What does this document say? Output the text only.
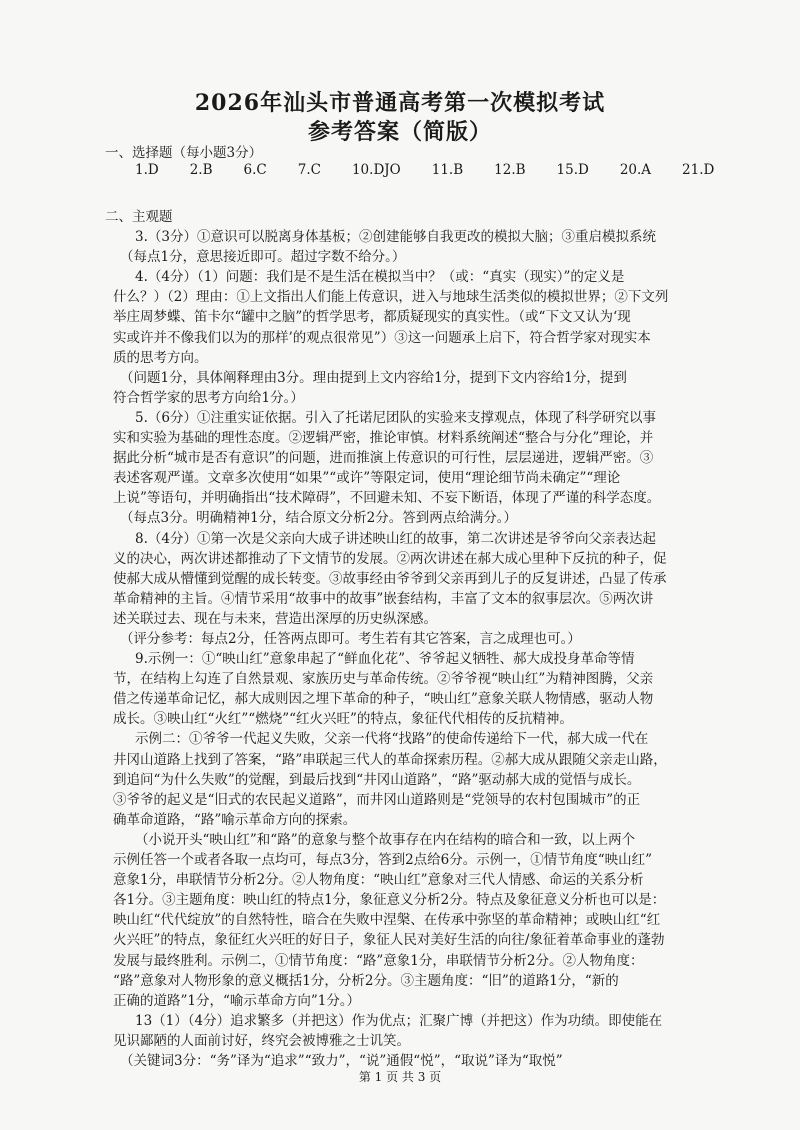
2026年汕头市普通高考第一次模拟考试
参考答案（简版）
一、选择题（每小题3分）
1.D 2.B 6.C 7.C 10.DJO 11.B 12.B 15.D 20.A 21.D
二、主观题
3.（3分）①意识可以脱离身体基板；②创建能够自我更改的模拟大脑；③重启模拟系统
（每点1分，意思接近即可。超过字数不给分。）
4.（4分）（1）问题：我们是不是生活在模拟当中？（或：“真实（现实）”的定义是
什么？）（2）理由：①上文指出人们能上传意识，进入与地球生活类似的模拟世界；②下文列
举庄周梦蝶、笛卡尔“罐中之脑”的哲学思考，都质疑现实的真实性。（或“下文又认为‘现
实或许并不像我们以为的那样’的观点很常见”）③这一问题承上启下，符合哲学家对现实本
质的思考方向。
（问题1分，具体阐释理由3分。理由提到上文内容给1分，提到下文内容给1分，提到
符合哲学家的思考方向给1分。）
5.（6分）①注重实证依据。引入了托诺尼团队的实验来支撑观点，体现了科学研究以事
实和实验为基础的理性态度。②逻辑严密，推论审慎。材料系统阐述“整合与分化”理论，并
据此分析“城市是否有意识”的问题，进而推演上传意识的可行性，层层递进，逻辑严密。③
表述客观严谨。文章多次使用“如果”“或许”等限定词，使用“理论细节尚未确定”“理论
上说”等语句，并明确指出“技术障碍”，不回避未知、不妄下断语，体现了严谨的科学态度。
（每点3分。明确精神1分，结合原文分析2分。答到两点给满分。）
8.（4分）①第一次是父亲向大成子讲述映山红的故事，第二次讲述是爷爷向父亲表达起
义的决心，两次讲述都推动了下文情节的发展。②两次讲述在郝大成心里种下反抗的种子，促
使郝大成从懵懂到觉醒的成长转变。③故事经由爷爷到父亲再到儿子的反复讲述，凸显了传承
革命精神的主旨。④情节采用“故事中的故事”嵌套结构，丰富了文本的叙事层次。⑤两次讲
述关联过去、现在与未来，营造出深厚的历史纵深感。
（评分参考：每点2分，任答两点即可。考生若有其它答案，言之成理也可。）
9.示例一：①“映山红”意象串起了“鲜血化花”、爷爷起义牺牲、郝大成投身革命等情
节，在结构上勾连了自然景观、家族历史与革命传统。②爷爷视“映山红”为精神图腾，父亲
借之传递革命记忆，郝大成则因之埋下革命的种子，“映山红”意象关联人物情感，驱动人物
成长。③映山红“火红”“燃烧”“红火兴旺”的特点，象征代代相传的反抗精神。
示例二：①爷爷一代起义失败，父亲一代将“找路”的使命传递给下一代，郝大成一代在
井冈山道路上找到了答案，“路”串联起三代人的革命探索历程。②郝大成从跟随父亲走山路，
到追问“为什么失败”的觉醒，到最后找到“井冈山道路”，“路”驱动郝大成的觉悟与成长。
③爷爷的起义是“旧式的农民起义道路”，而井冈山道路则是“党领导的农村包围城市”的正
确革命道路，“路”喻示革命方向的探索。
（小说开头“映山红”和“路”的意象与整个故事存在内在结构的暗合和一致，以上两个
示例任答一个或者各取一点均可，每点3分，答到2点给6分。示例一，①情节角度“映山红”
意象1分，串联情节分析2分。②人物角度：“映山红”意象对三代人情感、命运的关系分析
各1分。③主题角度：映山红的特点1分，象征意义分析2分。特点及象征意义分析也可以是：
映山红“代代绽放”的自然特性，暗合在失败中涅槃、在传承中弥坚的革命精神；或映山红“红
火兴旺”的特点，象征红火兴旺的好日子，象征人民对美好生活的向往/象征着革命事业的蓬勃
发展与最终胜利。示例二，①情节角度：“路”意象1分，串联情节分析2分。②人物角度：
“路”意象对人物形象的意义概括1分，分析2分。③主题角度：“旧”的道路1分，“新的
正确的道路”1分，“喻示革命方向”1分。）
第 1 页 共 3 页
13（1）（4分）追求繁多（并把这）作为优点；汇聚广博（并把这）作为功绩。即使能在
见识鄙陋的人面前讨好，终究会被博雅之士讥笑。
（关键词3分：“务”译为“追求”“致力”，“说”通假“悦”，“取说”译为“取悦”
